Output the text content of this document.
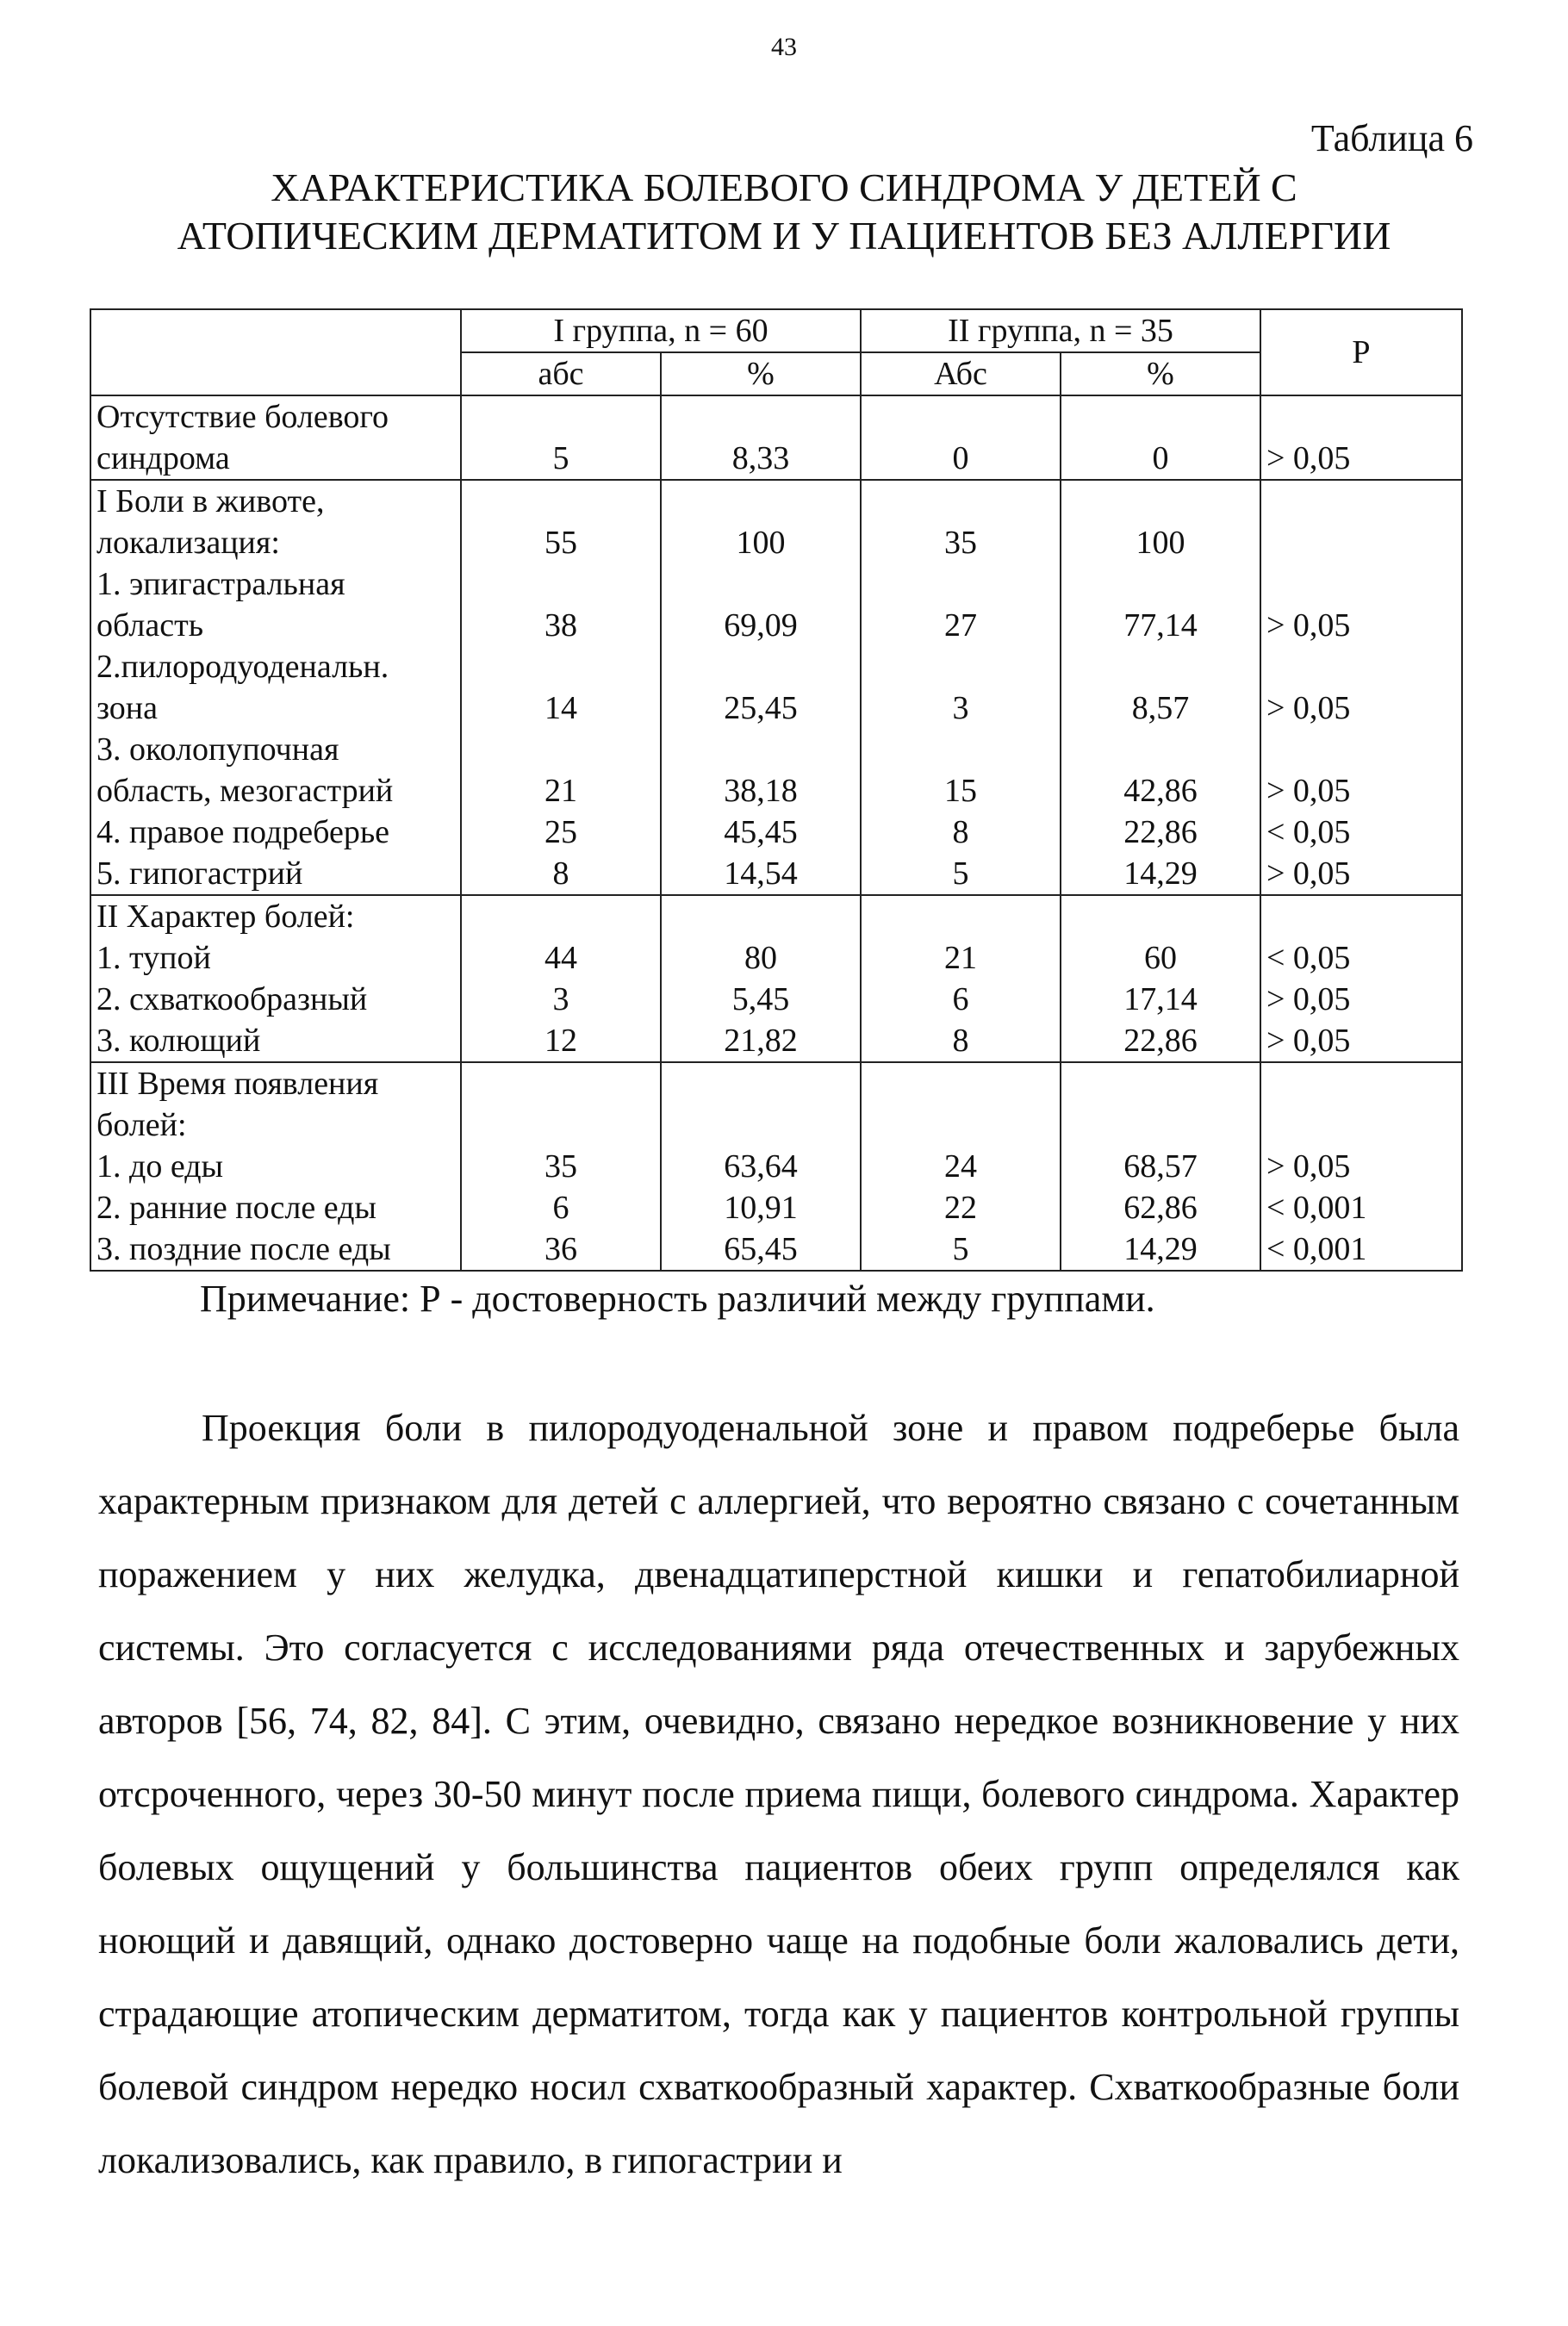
43
Таблица 6
ХАРАКТЕРИСТИКА БОЛЕВОГО СИНДРОМА У ДЕТЕЙ С
АТОПИЧЕСКИМ ДЕРМАТИТОМ И У ПАЦИЕНТОВ БЕЗ АЛЛЕРГИИ
	I группа, n = 60		II группа, n = 35		P
	абс	%	Абс	%	
Отсутствие болевого синдрома	5	8,33	0	0	> 0,05
I Боли в животе, локализация:	55	100	35	100	
1. эпигастральная область	38	69,09	27	77,14	> 0,05
2.пилородуоденальн. зона	14	25,45	3	8,57	> 0,05
3. околопупочная область, мезогастрий	21	38,18	15	42,86	> 0,05
4. правое подреберье	25	45,45	8	22,86	< 0,05
5. гипогастрий	8	14,54	5	14,29	> 0,05
II Характер болей:					
1. тупой	44	80	21	60	< 0,05
2. схваткообразный	3	5,45	6	17,14	> 0,05
3. колющий	12	21,82	8	22,86	> 0,05
III Время появления болей:					
1. до еды	35	63,64	24	68,57	> 0,05
2. ранние после еды	6	10,91	22	62,86	< 0,001
3. поздние после еды	36	65,45	5	14,29	< 0,001
Примечание: Р - достоверность различий между группами.
Проекция боли в пилородуоденальной зоне и правом подреберье была характерным признаком для детей с аллергией, что вероятно связано с сочетанным поражением у них желудка, двенадцатиперстной кишки и гепатобилиарной системы. Это согласуется с исследованиями ряда отечественных и зарубежных авторов [56, 74, 82, 84]. С этим, очевидно, связано нередкое возникновение у них отсроченного, через 30-50 минут после приема пищи, болевого синдрома. Характер болевых ощущений у большинства пациентов обеих групп определялся как ноющий и давящий, однако достоверно чаще на подобные боли жаловались дети, страдающие атопическим дерматитом, тогда как у пациентов контрольной группы болевой синдром нередко носил схваткообразный характер. Схваткообразные боли локализовались, как правило, в гипогастрии и
